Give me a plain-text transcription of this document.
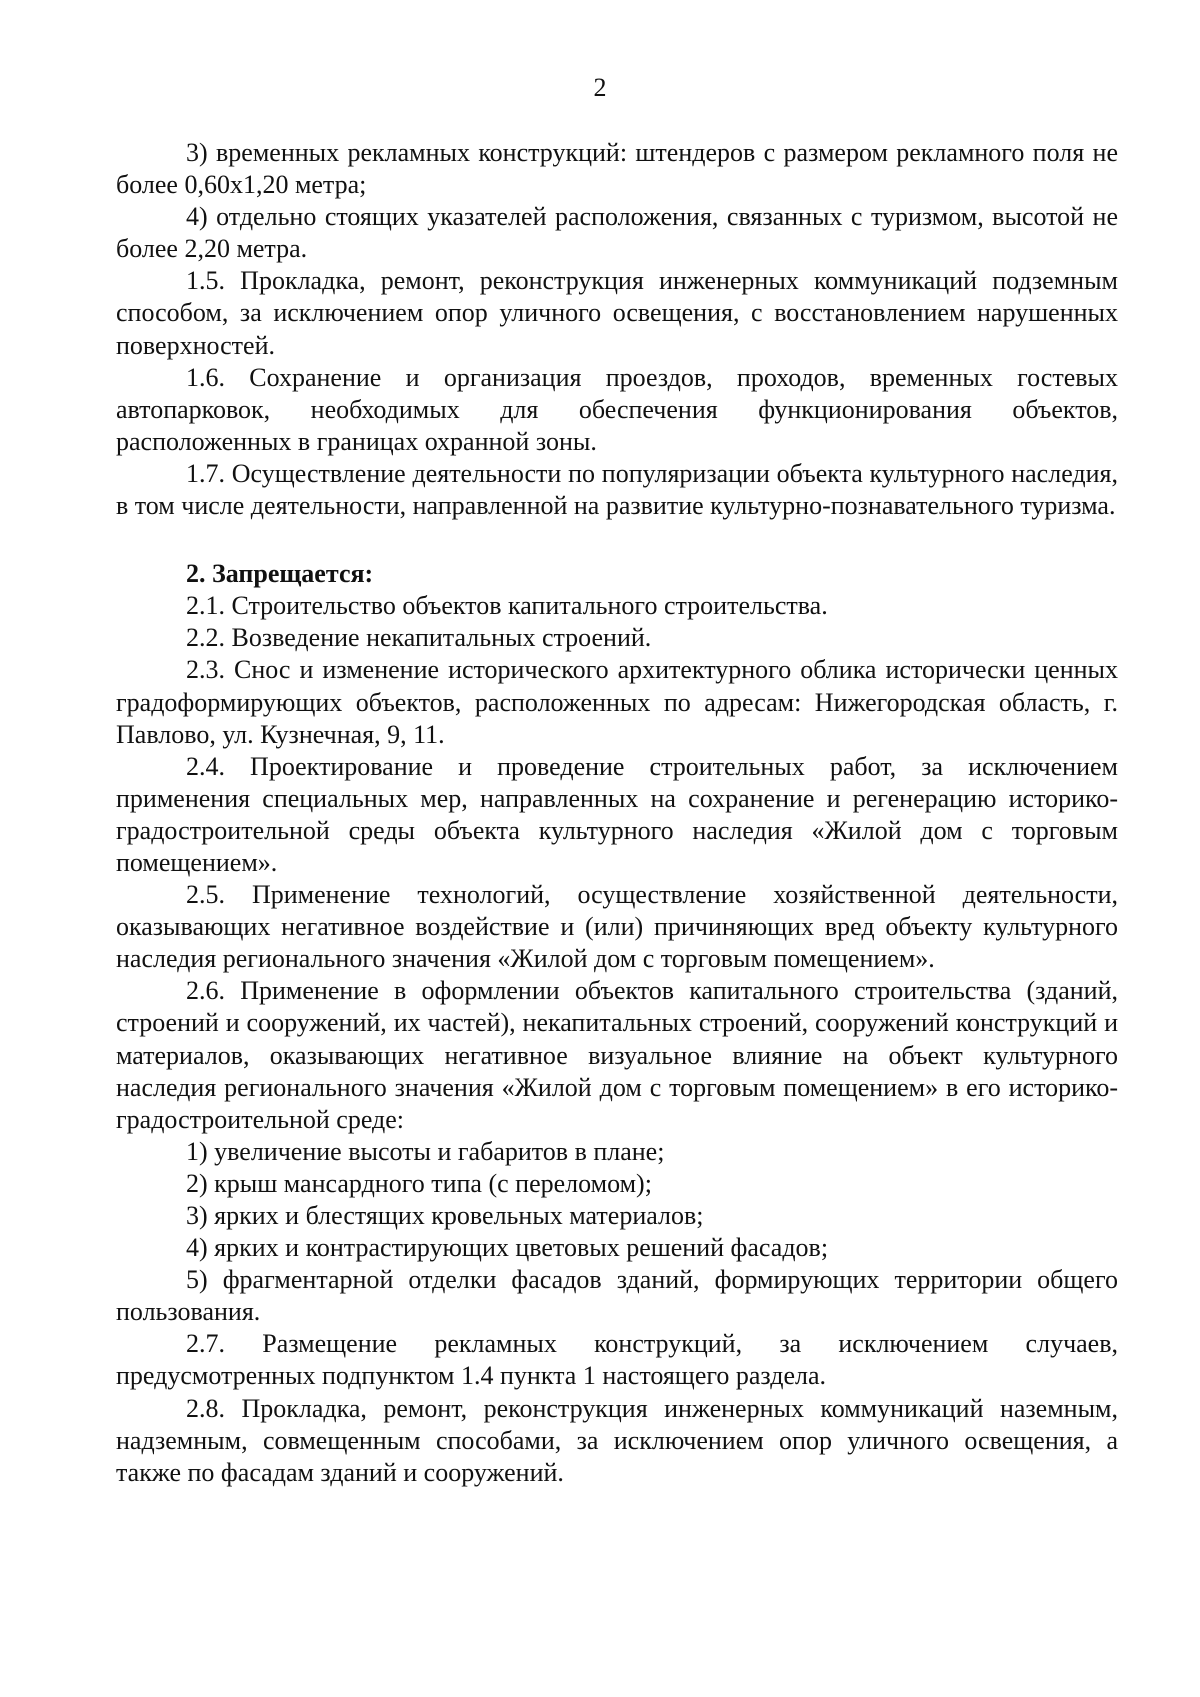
2

3) временных рекламных конструкций: штендеров с размером рекламного поля не более 0,60х1,20 метра;

4) отдельно стоящих указателей расположения, связанных с туризмом, высотой не более 2,20 метра.

1.5. Прокладка, ремонт, реконструкция инженерных коммуникаций подземным способом, за исключением опор уличного освещения, с восстановлением нарушенных поверхностей.

1.6. Сохранение и организация проездов, проходов, временных гостевых автопарковок, необходимых для обеспечения функционирования объектов, расположенных в границах охранной зоны.

1.7. Осуществление деятельности по популяризации объекта культурного наследия, в том числе деятельности, направленной на развитие культурно-познавательного туризма.

2. Запрещается:

2.1. Строительство объектов капитального строительства.

2.2. Возведение некапитальных строений.

2.3. Снос и изменение исторического архитектурного облика исторически ценных градоформирующих объектов, расположенных по адресам: Нижегородская область, г. Павлово, ул. Кузнечная, 9, 11.

2.4. Проектирование и проведение строительных работ, за исключением применения специальных мер, направленных на сохранение и регенерацию историко-градостроительной среды объекта культурного наследия «Жилой дом с торговым помещением».

2.5. Применение технологий, осуществление хозяйственной деятельности, оказывающих негативное воздействие и (или) причиняющих вред объекту культурного наследия регионального значения «Жилой дом с торговым помещением».

2.6. Применение в оформлении объектов капитального строительства (зданий, строений и сооружений, их частей), некапитальных строений, сооружений конструкций и материалов, оказывающих негативное визуальное влияние на объект культурного наследия регионального значения «Жилой дом с торговым помещением» в его историко-градостроительной среде:

1) увеличение высоты и габаритов в плане;

2) крыш мансардного типа (с переломом);

3) ярких и блестящих кровельных материалов;

4) ярких и контрастирующих цветовых решений фасадов;

5) фрагментарной отделки фасадов зданий, формирующих территории общего пользования.

2.7. Размещение рекламных конструкций, за исключением случаев, предусмотренных подпунктом 1.4 пункта 1 настоящего раздела.

2.8. Прокладка, ремонт, реконструкция инженерных коммуникаций наземным, надземным, совмещенным способами, за исключением опор уличного освещения, а также по фасадам зданий и сооружений.
